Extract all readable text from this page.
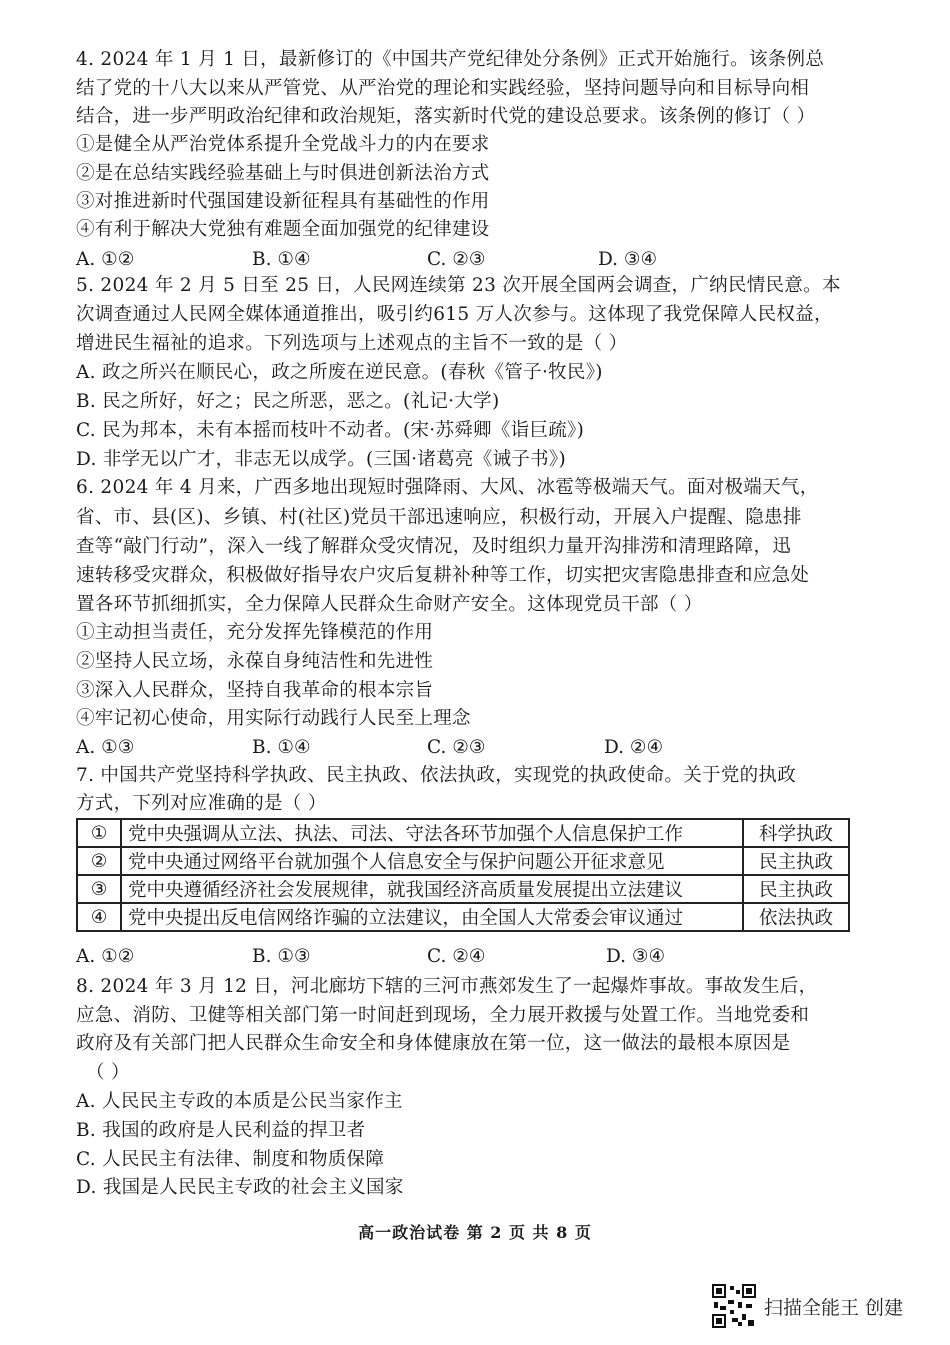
4. 2024 年 1 月 1 日，最新修订的《中国共产党纪律处分条例》正式开始施行。该条例总
结了党的十八大以来从严管党、从严治党的理论和实践经验，坚持问题导向和目标导向相
结合，进一步严明政治纪律和政治规矩，落实新时代党的建设总要求。该条例的修订（ ）
①是健全从严治党体系提升全党战斗力的内在要求
②是在总结实践经验基础上与时俱进创新法治方式
③对推进新时代强国建设新征程具有基础性的作用
④有利于解决大党独有难题全面加强党的纪律建设
A. ①②	B. ①④	C. ②③	D. ③④
5. 2024 年 2 月 5 日至 25 日，人民网连续第 23 次开展全国两会调查，广纳民情民意。本
次调查通过人民网全媒体通道推出，吸引约615 万人次参与。这体现了我党保障人民权益，
增进民生福祉的追求。下列选项与上述观点的主旨不一致的是（ ）
A. 政之所兴在顺民心，政之所废在逆民意。(春秋《管子·牧民》)
B. 民之所好，好之；民之所恶，恶之。(礼记·大学)
C. 民为邦本，未有本摇而枝叶不动者。(宋·苏舜卿《诣巨疏》)
D. 非学无以广才，非志无以成学。(三国·诸葛亮《诫子书》)
6. 2024 年 4 月来，广西多地出现短时强降雨、大风、冰雹等极端天气。面对极端天气，
省、市、县(区)、乡镇、村(社区)党员干部迅速响应，积极行动，开展入户提醒、隐患排
查等“敲门行动”，深入一线了解群众受灾情况，及时组织力量开沟排涝和清理路障，迅
速转移受灾群众，积极做好指导农户灾后复耕补种等工作，切实把灾害隐患排查和应急处
置各环节抓细抓实，全力保障人民群众生命财产安全。这体现党员干部（ ）
①主动担当责任，充分发挥先锋模范的作用
②坚持人民立场，永葆自身纯洁性和先进性
③深入人民群众，坚持自我革命的根本宗旨
④牢记初心使命，用实际行动践行人民至上理念
A. ①③	B. ①④	C. ②③	D. ②④
7. 中国共产党坚持科学执政、民主执政、依法执政，实现党的执政使命。关于党的执政
方式，下列对应准确的是（ ）
①	党中央强调从立法、执法、司法、守法各环节加强个人信息保护工作	科学执政
②	党中央通过网络平台就加强个人信息安全与保护问题公开征求意见	民主执政
③	党中央遵循经济社会发展规律，就我国经济高质量发展提出立法建议	民主执政
④	党中央提出反电信网络诈骗的立法建议，由全国人大常委会审议通过	依法执政
A. ①②	B. ①③	C. ②④	D. ③④
8. 2024 年 3 月 12 日，河北廊坊下辖的三河市燕郊发生了一起爆炸事故。事故发生后，
应急、消防、卫健等相关部门第一时间赶到现场，全力展开救援与处置工作。当地党委和
政府及有关部门把人民群众生命安全和身体健康放在第一位，这一做法的最根本原因是
（ ）
A. 人民民主专政的本质是公民当家作主
B. 我国的政府是人民利益的捍卫者
C. 人民民主有法律、制度和物质保障
D. 我国是人民民主专政的社会主义国家
高一政治试卷 第 2 页 共 8 页
扫描全能王 创建
